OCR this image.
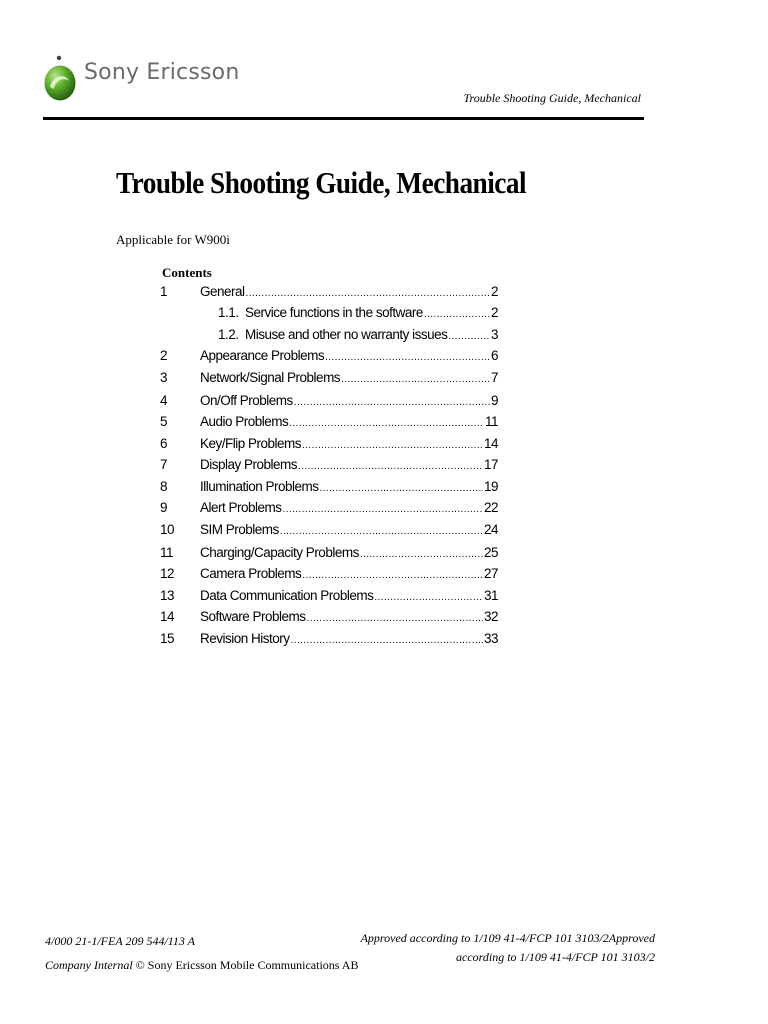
Sony Ericsson
Trouble Shooting Guide, Mechanical
Trouble Shooting Guide, Mechanical
Applicable for W900i
Contents
1	General .....	2
1.1. Service functions in the software .....	2
1.2. Misuse and other no warranty issues .....	3
2	Appearance Problems .....	6
3	Network/Signal Problems .....	7
4	On/Off Problems .....	9
5	Audio Problems .....	11
6	Key/Flip Problems .....	14
7	Display Problems .....	17
8	Illumination Problems .....	19
9	Alert Problems .....	22
10	SIM Problems .....	24
11	Charging/Capacity Problems .....	25
12	Camera Problems .....	27
13	Data Communication Problems .....	31
14	Software Problems .....	32
15	Revision History .....	33
4/000 21-1/FEA 209 544/113 A
Company Internal © Sony Ericsson Mobile Communications AB
Approved according to 1/109 41-4/FCP 101 3103/2Approved according to 1/109 41-4/FCP 101 3103/2
